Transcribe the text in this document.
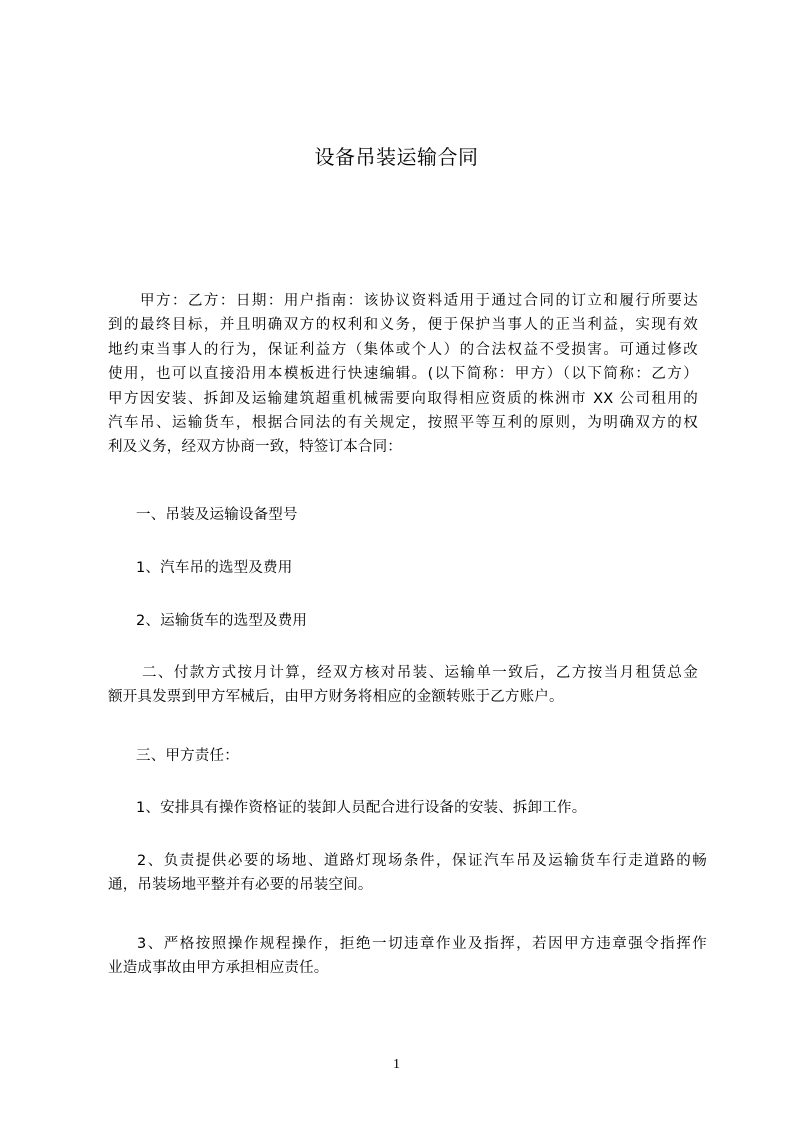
设备吊装运输合同
甲方：乙方：日期：用户指南：该协议资料适用于通过合同的订立和履行所要达
到的最终目标，并且明确双方的权利和义务，便于保护当事人的正当利益，实现有效
地约束当事人的行为，保证利益方（集体或个人）的合法权益不受损害。可通过修改
使用，也可以直接沿用本模板进行快速编辑。(以下简称：甲方）（以下简称：乙方）
甲方因安装、拆卸及运输建筑超重机械需要向取得相应资质的株洲市 XX 公司租用的
汽车吊、运输货车，根据合同法的有关规定，按照平等互利的原则，为明确双方的权
利及义务，经双方协商一致，特签订本合同：
一、吊装及运输设备型号
1、汽车吊的选型及费用
2、运输货车的选型及费用
二、付款方式按月计算，经双方核对吊装、运输单一致后，乙方按当月租赁总金
额开具发票到甲方军械后，由甲方财务将相应的金额转账于乙方账户。
三、甲方责任：
1、安排具有操作资格证的装卸人员配合进行设备的安装、拆卸工作。
2、负责提供必要的场地、道路灯现场条件，保证汽车吊及运输货车行走道路的畅
通，吊装场地平整并有必要的吊装空间。
3、严格按照操作规程操作，拒绝一切违章作业及指挥，若因甲方违章强令指挥作
业造成事故由甲方承担相应责任。
1
